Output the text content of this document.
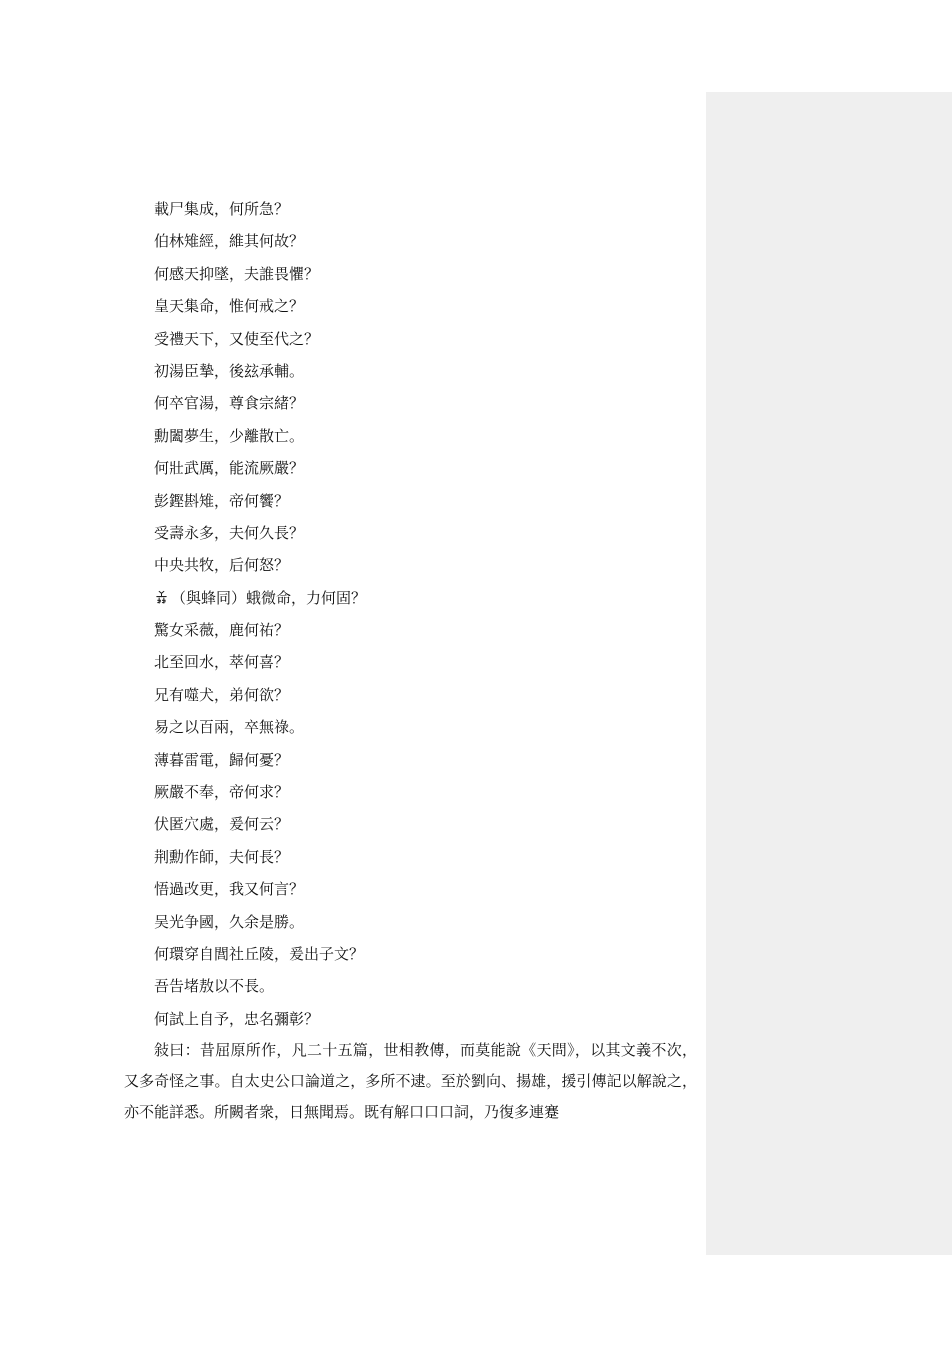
載尸集成，何所急？
伯林雉經，維其何故？
何感天抑墜，夫誰畏懼？
皇天集命，惟何戒之？
受禮天下，又使至代之？
初湯臣摯，後玆承輔。
何卒官湯，尊食宗緒？
勳闔夢生，少離散亡。
何壯武厲，能流厥嚴？
彭鏗斟雉，帝何饗？
受壽永多，夫何久長？
中央共牧，后何怒？
（與蜂同）蛾微命，力何固？
驚女采薇，鹿何祐？
北至回水，萃何喜？
兄有噬犬，弟何欲？
易之以百兩，卒無祿。
薄暮雷電，歸何憂？
厥嚴不奉，帝何求？
伏匿穴處，爰何云？
荆勳作師，夫何長？
悟過改更，我又何言？
吴光争國，久余是勝。
何環穿自閭社丘陵，爰出子文？
吾告堵敖以不長。
何試上自予，忠名彌彰？

敍曰：昔屈原所作，凡二十五篇，世相教傳，而莫能說《天問》，以其文義不次，又多奇怪之事。自太史公口論道之，多所不逮。至於劉向、揚雄，援引傳記以解說之，亦不能詳悉。所闕者衆，日無聞焉。既有解口口口詞，乃復多連蹇
